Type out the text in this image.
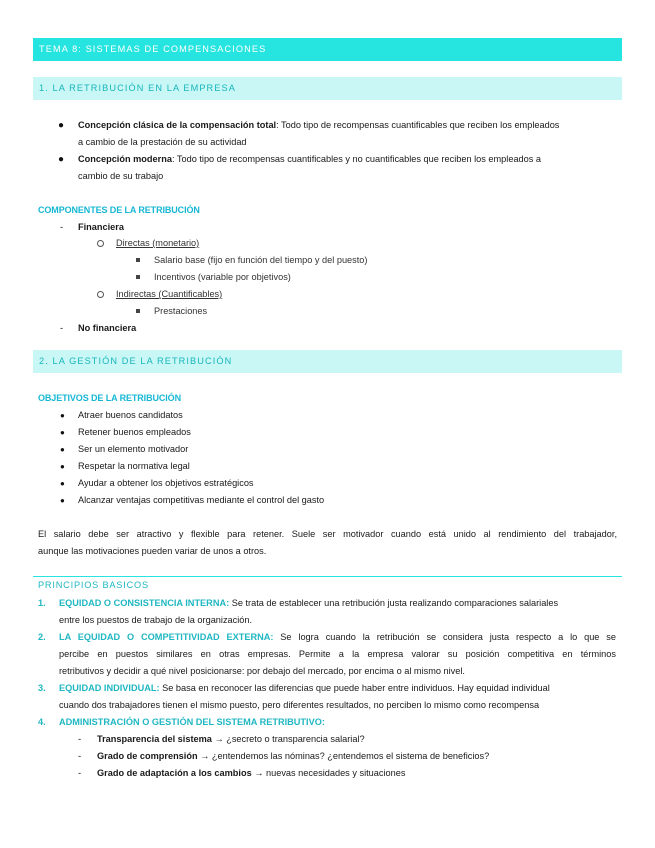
TEMA 8: SISTEMAS DE COMPENSACIONES
1. LA RETRIBUCIÓN EN LA EMPRESA
● Concepción clásica de la compensación total: Todo tipo de recompensas cuantificables que reciben los empleados
a cambio de la prestación de su actividad
● Concepción moderna: Todo tipo de recompensas cuantificables y no cuantificables que reciben los empleados a
cambio de su trabajo
COMPONENTES DE LA RETRIBUCIÓN
- Financiera
Directas (monetario)
Salario base (fijo en función del tiempo y del puesto)
Incentivos (variable por objetivos)
Indirectas (Cuantificables)
Prestaciones
- No financiera
2. LA GESTIÓN DE LA RETRIBUCIÓN
OBJETIVOS DE LA RETRIBUCIÓN
● Atraer buenos candidatos
● Retener buenos empleados
● Ser un elemento motivador
● Respetar la normativa legal
● Ayudar a obtener los objetivos estratégicos
● Alcanzar ventajas competitivas mediante el control del gasto
El salario debe ser atractivo y flexible para retener. Suele ser motivador cuando está unido al rendimiento del trabajador,
aunque las motivaciones pueden variar de unos a otros.
PRINCIPIOS BASICOS
1. EQUIDAD O CONSISTENCIA INTERNA: Se trata de establecer una retribución justa realizando comparaciones salariales
entre los puestos de trabajo de la organización.
2. LA EQUIDAD O COMPETITIVIDAD EXTERNA: Se logra cuando la retribución se considera justa respecto a lo que se
percibe en puestos similares en otras empresas. Permite a la empresa valorar su posición competitiva en términos
retributivos y decidir a qué nivel posicionarse: por debajo del mercado, por encima o al mismo nivel.
3. EQUIDAD INDIVIDUAL: Se basa en reconocer las diferencias que puede haber entre individuos. Hay equidad individual
cuando dos trabajadores tienen el mismo puesto, pero diferentes resultados, no perciben lo mismo como recompensa
4. ADMINISTRACIÓN O GESTIÓN DEL SISTEMA RETRIBUTIVO:
- Transparencia del sistema → ¿secreto o transparencia salarial?
- Grado de comprensión → ¿entendemos las nóminas? ¿entendemos el sistema de beneficios?
- Grado de adaptación a los cambios → nuevas necesidades y situaciones
